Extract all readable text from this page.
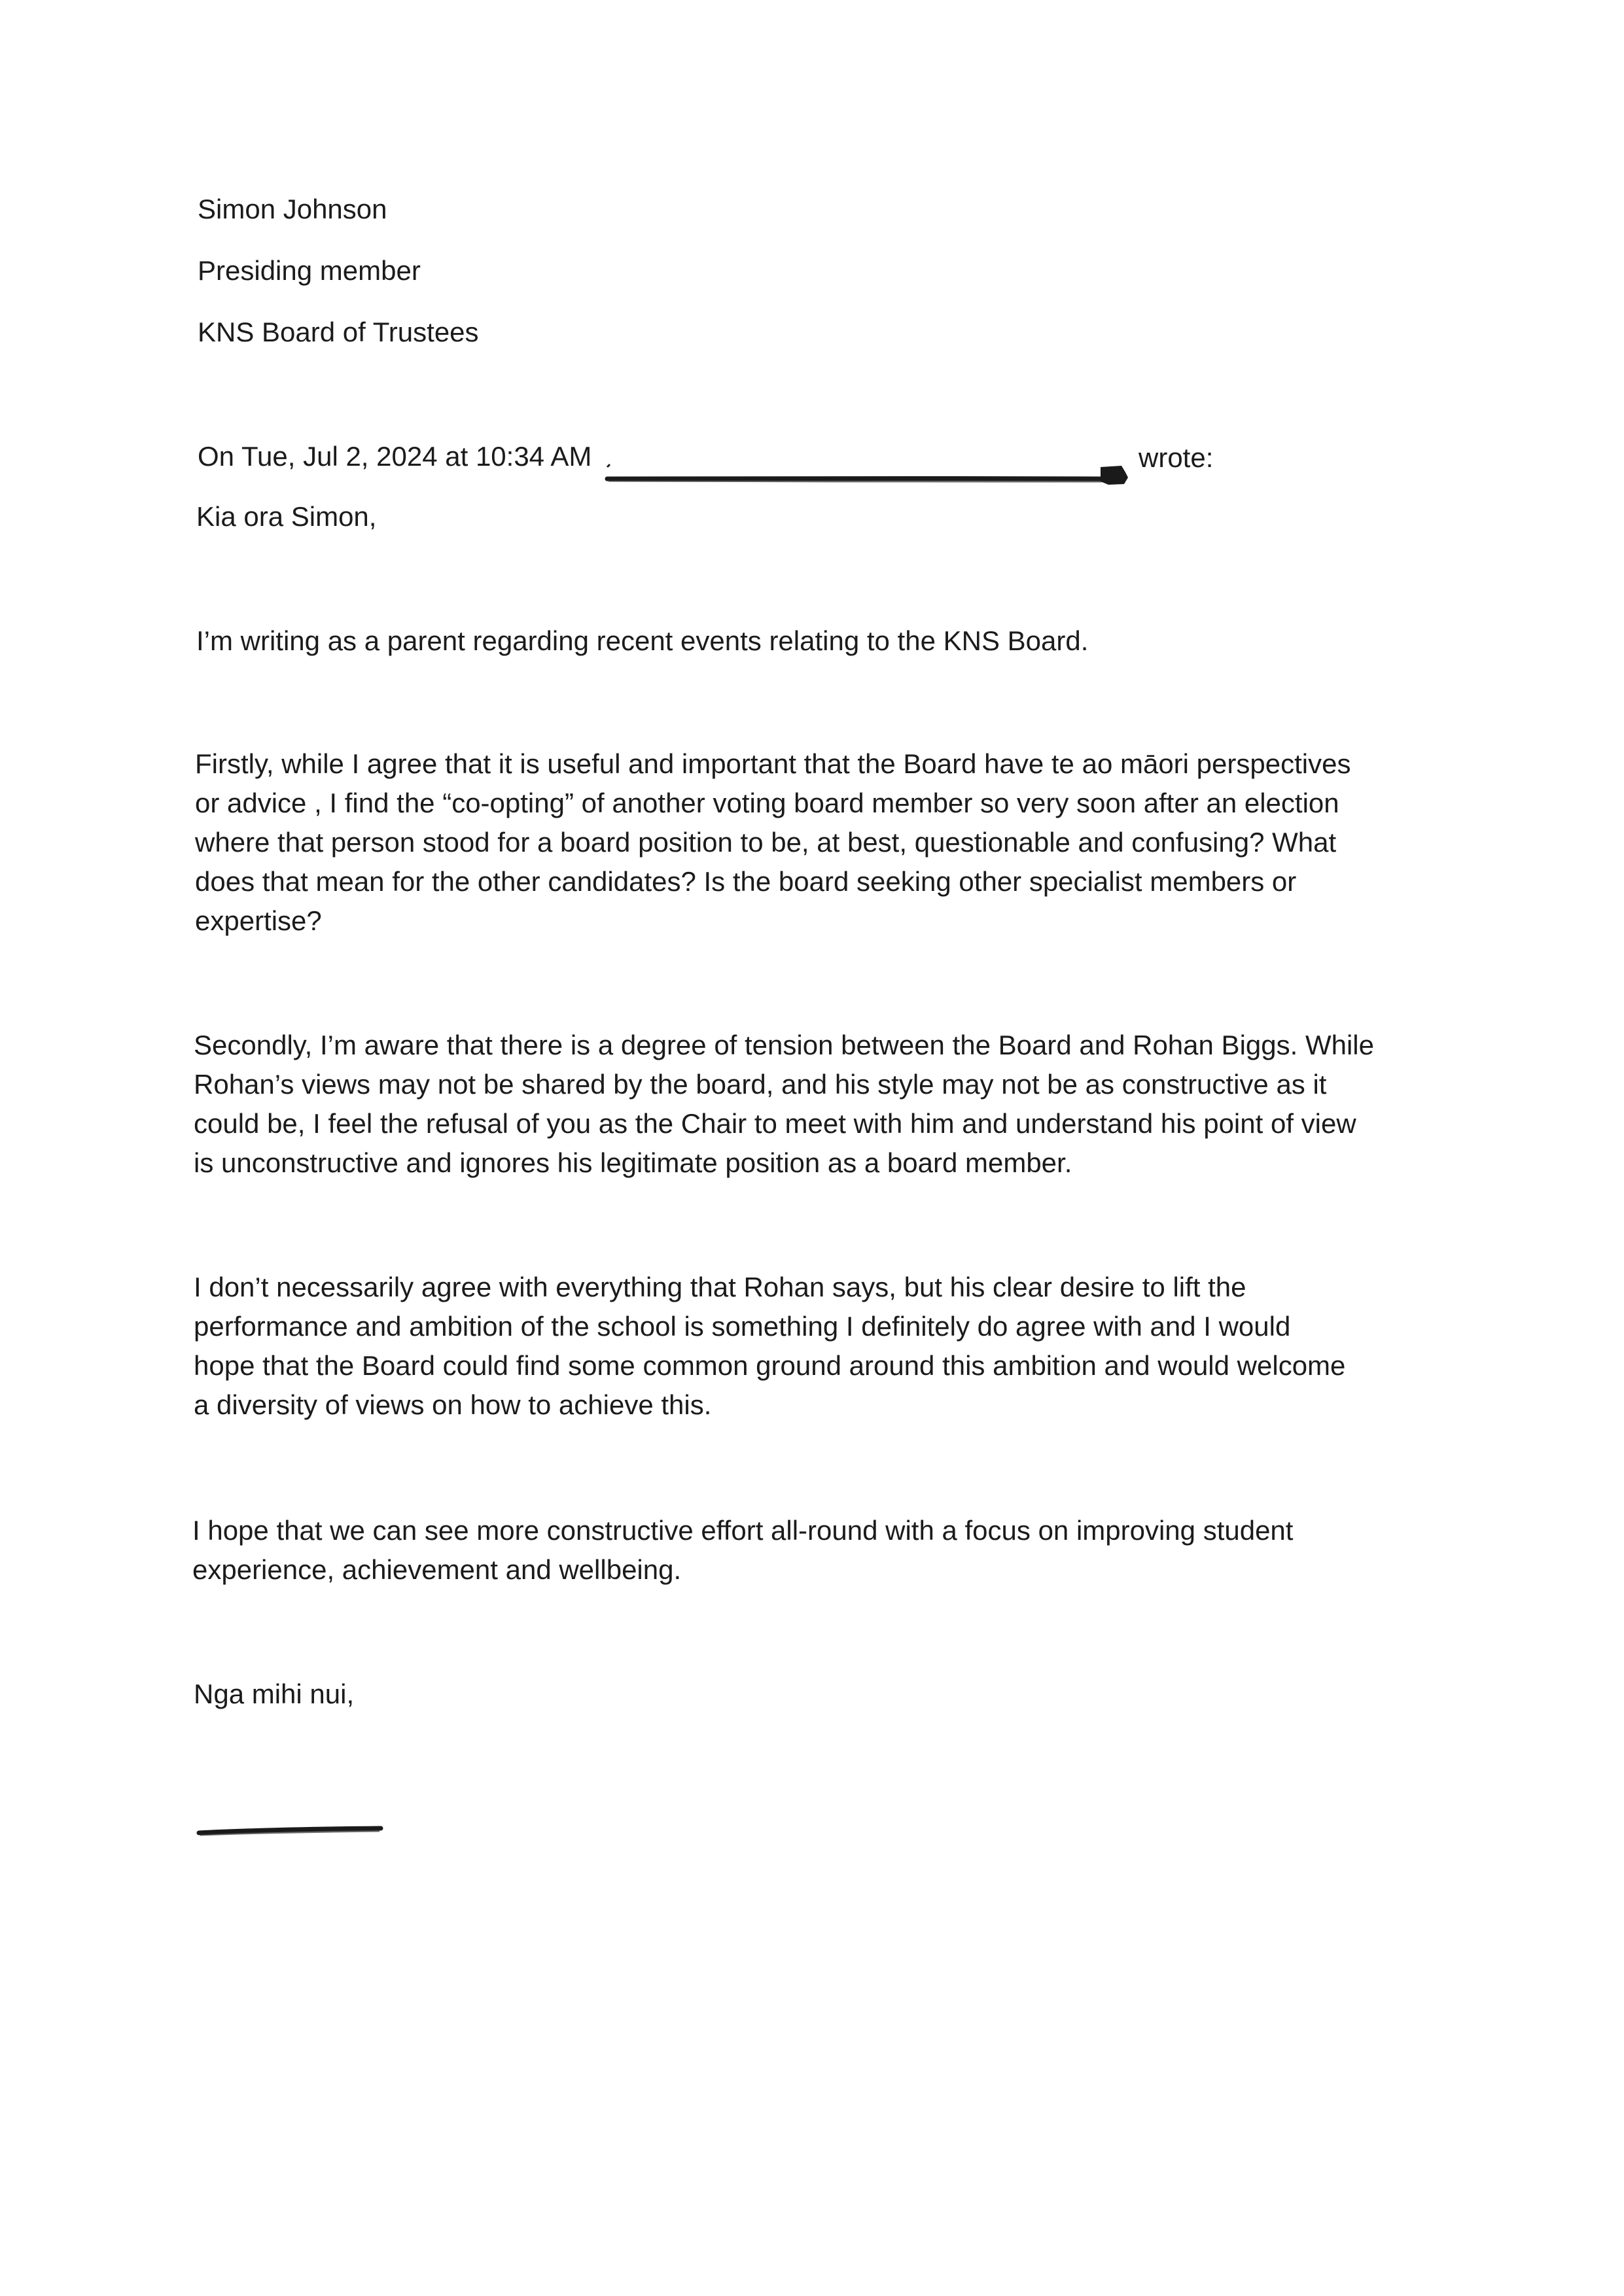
Simon Johnson

Presiding member

KNS Board of Trustees

On Tue, Jul 2, 2024 at 10:34 AM	wrote:

Kia ora Simon,

I’m writing as a parent regarding recent events relating to the KNS Board.
Firstly, while I agree that it is useful and important that the Board have te ao māori perspectives
or advice , I find the “co-opting” of another voting board member so very soon after an election
where that person stood for a board position to be, at best, questionable and confusing? What
does that mean for the other candidates? Is the board seeking other specialist members or
expertise?
Secondly, I’m aware that there is a degree of tension between the Board and Rohan Biggs. While
Rohan’s views may not be shared by the board, and his style may not be as constructive as it
could be, I feel the refusal of you as the Chair to meet with him and understand his point of view
is unconstructive and ignores his legitimate position as a board member.
I don’t necessarily agree with everything that Rohan says, but his clear desire to lift the
performance and ambition of the school is something I definitely do agree with and I would
hope that the Board could find some common ground around this ambition and would welcome
a diversity of views on how to achieve this.
I hope that we can see more constructive effort all-round with a focus on improving student
experience, achievement and wellbeing.

Nga mihi nui,
